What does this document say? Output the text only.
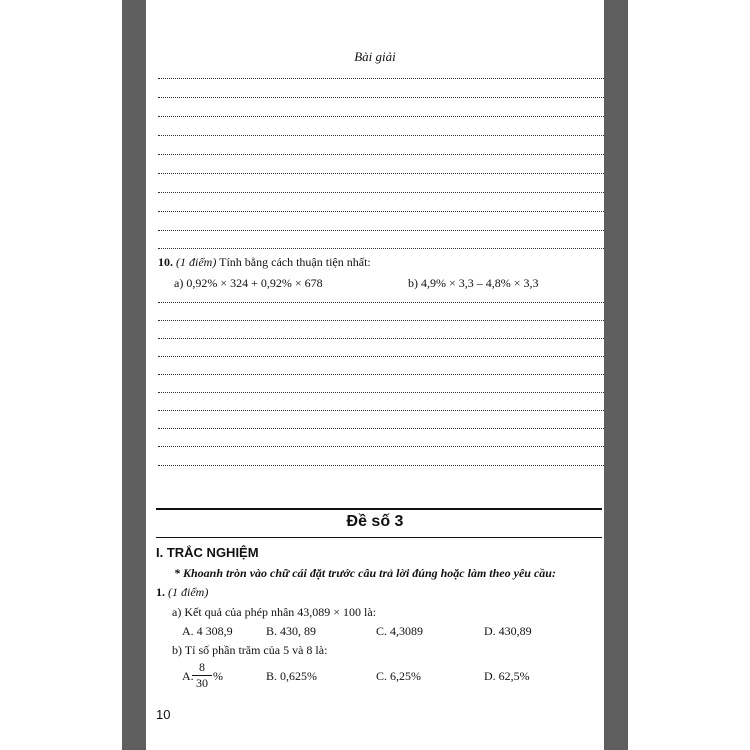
Bài giải
10. (1 điểm) Tính bằng cách thuận tiện nhất:
a) 0,92% × 324 + 0,92% × 678	b) 4,9% × 3,3 – 4,8% × 3,3
Đề số 3
I. TRẮC NGHIỆM
* Khoanh tròn vào chữ cái đặt trước câu trả lời đúng hoặc làm theo yêu cầu:
1. (1 điểm)
a) Kết quả của phép nhân 43,089 × 100 là:
A. 4 308,9	B. 430, 89	C. 4,3089	D. 430,89
b) Tỉ số phần trăm của 5 và 8 là:
A.
8
30 %	B. 0,625%	C. 6,25%	D. 62,5%
10
